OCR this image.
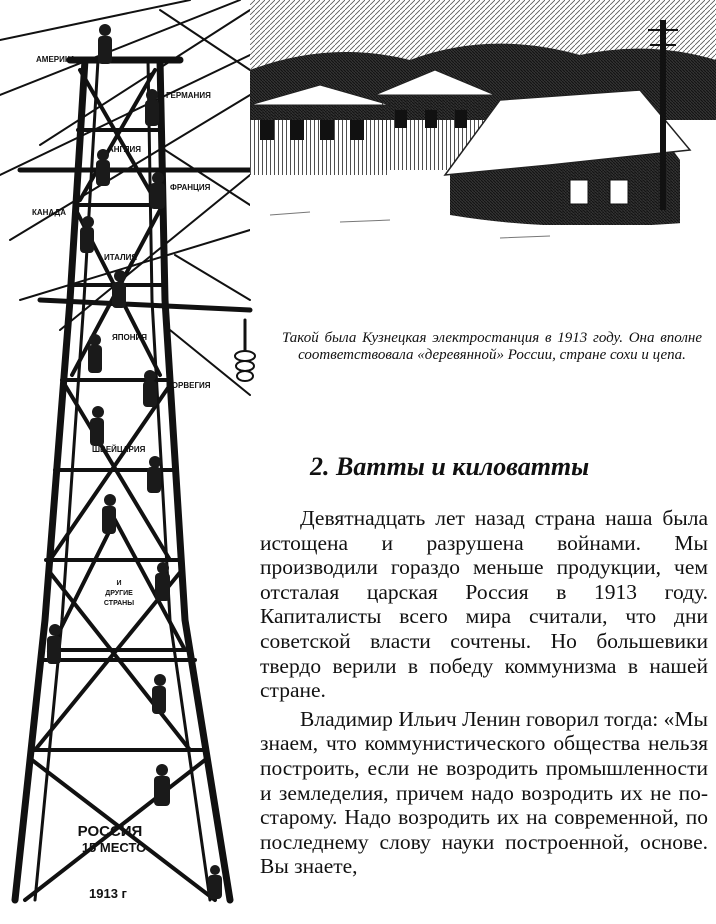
АМЕРИКА
ГЕРМАНИЯ
АНГЛИЯ
ФРАНЦИЯ
КАНАДА
ИТАЛИЯ
ЯПОНИЯ
НОРВЕГИЯ
ШВЕЙЦАРИЯ
И
ДРУГИЕ
СТРАНЫ
РОССИЯ
15 МЕСТО
1913 г
Такой была Кузнецкая электростанция в 1913 году. Она вполне соответствовала «деревянной» России, стране сохи и цепа.
2. Ватты и киловатты

Девятнадцать лет назад страна наша была истощена и разрушена войнами. Мы производили гораздо меньше продукции, чем отсталая царская Россия в 1913 году. Капиталисты всего мира считали, что дни советской власти сочтены. Но большевики твердо верили в победу коммунизма в нашей стране.

Владимир Ильич Ленин говорил тогда: «Мы знаем, что коммунистического общества нельзя построить, если не возродить промышленности и земледелия, причем надо возродить их не по-старому. Надо возродить их на современной, по последнему слову науки построенной, основе. Вы знаете,
